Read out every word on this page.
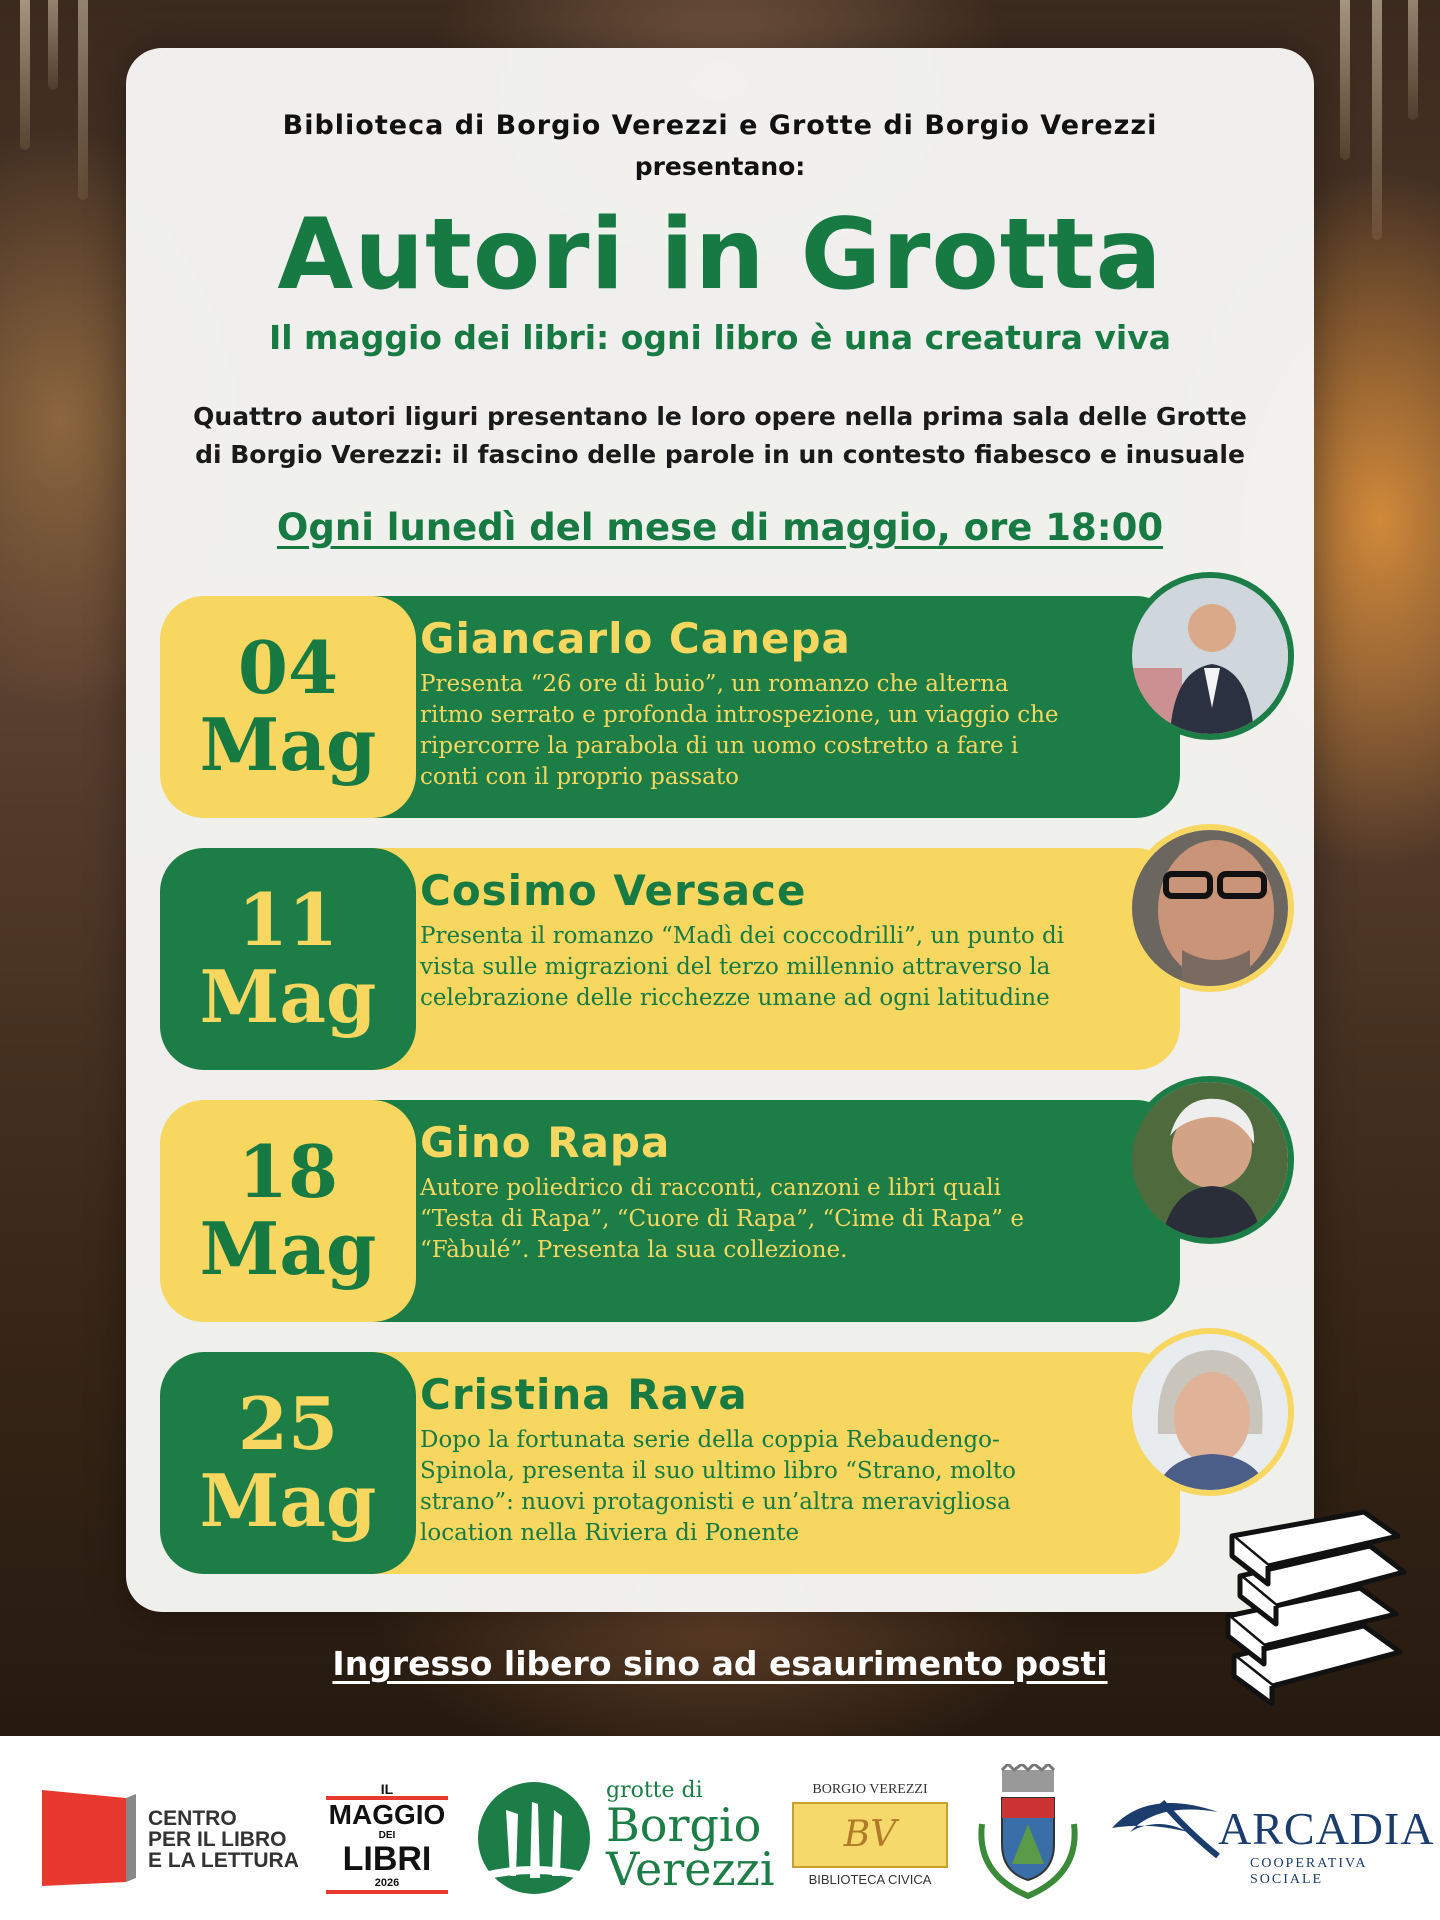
Biblioteca di Borgio Verezzi e Grotte di Borgio Verezzi
presentano:
Autori in Grotta
Il maggio dei libri: ogni libro è una creatura viva
Quattro autori liguri presentano le loro opere nella prima sala delle Grotte di Borgio Verezzi: il fascino delle parole in un contesto fiabesco e inusuale
Ogni lunedì del mese di maggio, ore 18:00
04
Mag
Giancarlo Canepa
Presenta “26 ore di buio”, un romanzo che alterna ritmo serrato e profonda introspezione, un viaggio che ripercorre la parabola di un uomo costretto a fare i conti con il proprio passato
11
Mag
Cosimo Versace
Presenta il romanzo “Madì dei coccodrilli”, un punto di vista sulle migrazioni del terzo millennio attraverso la celebrazione delle ricchezze umane ad ogni latitudine
18
Mag
Gino Rapa
Autore poliedrico di racconti, canzoni e libri quali “Testa di Rapa”, “Cuore di Rapa”, “Cime di Rapa” e “Fàbulé”. Presenta la sua collezione.
25
Mag
Cristina Rava
Dopo la fortunata serie della coppia Rebaudengo-Spinola, presenta il suo ultimo libro “Strano, molto strano”: nuovi protagonisti e un’altra meravigliosa location nella Riviera di Ponente
Ingresso libero sino ad esaurimento posti
CENTRO
PER IL LIBRO
E LA LETTURA
IL
MAGGIO
DEI
LIBRI
2026
grotte di
Borgio
Verezzi
BORGIO VEREZZI
BV
BIBLIOTECA CIVICA
ARCADIA
COOPERATIVA SOCIALE
